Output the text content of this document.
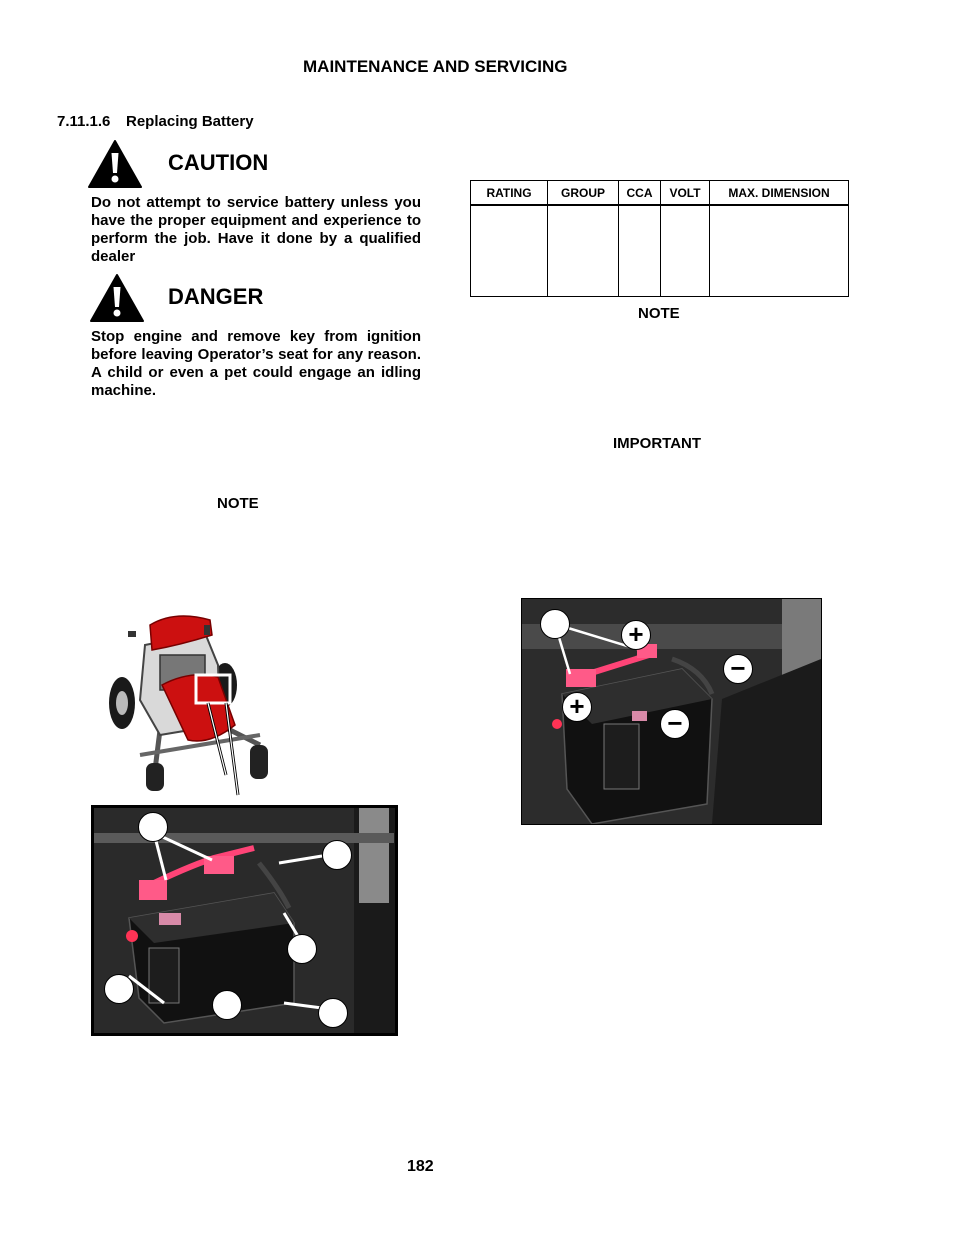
MAINTENANCE AND SERVICING
7.11.1.6 Replacing Battery
CAUTION
Do not attempt to service battery unless you have the proper equipment and experience to perform the job. Have it done by a qualified dealer
DANGER
Stop engine and remove key from ignition before leaving Operator’s seat for any reason. A child or even a pet could engage an idling machine.
NOTE
RATING	GROUP	CCA	VOLT	MAX. DIMENSION

NOTE
IMPORTANT
+
−
+
−
182
